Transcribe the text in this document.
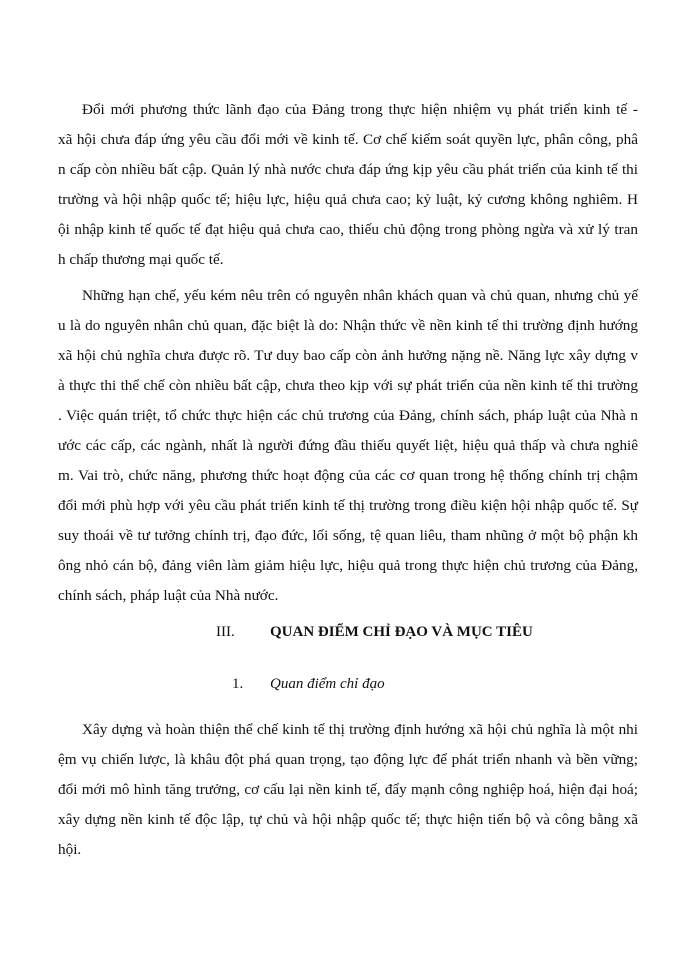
Đổi mới phương thức lãnh đạo của Đảng trong thực hiện nhiệm vụ phát triển kinh tế -
xã hội chưa đáp ứng yêu cầu đổi mới về kinh tế. Cơ chế kiểm soát quyền lực, phân công, phâ
n cấp còn nhiều bất cập. Quản lý nhà nước chưa đáp ứng kịp yêu cầu phát triển của kinh tế thi
trường và hội nhập quốc tế; hiệu lực, hiệu quả chưa cao; kỷ luật, kỷ cương không nghiêm. H
ội nhập kinh tế quốc tế đạt hiệu quả chưa cao, thiếu chủ động trong phòng ngừa và xử lý tran
h chấp thương mại quốc tế.
Những hạn chế, yếu kém nêu trên có nguyên nhân khách quan và chủ quan, nhưng chủ yế
u là do nguyên nhân chủ quan, đặc biệt là do: Nhận thức về nền kinh tế thi trường định hướng
xã hội chủ nghĩa chưa được rõ. Tư duy bao cấp còn ảnh hưởng nặng nề. Năng lực xây dựng v
à thực thi thể chế còn nhiều bất cập, chưa theo kịp với sự phát triển của nền kinh tế thi trường
. Việc quán triệt, tổ chức thực hiện các chủ trương của Đảng, chính sách, pháp luật của Nhà n
ước các cấp, các ngành, nhất là người đứng đầu thiếu quyết liệt, hiệu quả thấp và chưa nghiê
m. Vai trò, chức năng, phương thức hoạt động của các cơ quan trong hệ thống chính trị chậm
đổi mới phù hợp với yêu cầu phát triển kinh tế thị trường trong điều kiện hội nhập quốc tế. Sự
suy thoái về tư tưởng chính trị, đạo đức, lối sống, tệ quan liêu, tham nhũng ở một bộ phận kh
ông nhỏ cán bộ, đảng viên làm giảm hiệu lực, hiệu quả trong thực hiện chủ trương của Đảng,
chính sách, pháp luật của Nhà nước.
III. QUAN ĐIỂM CHỈ ĐẠO VÀ MỤC TIÊU
1. Quan điểm chỉ đạo
Xây dựng và hoàn thiện thể chế kinh tế thị trường định hướng xã hội chủ nghĩa là một nhi
ệm vụ chiến lược, là khâu đột phá quan trọng, tạo động lực để phát triển nhanh và bền vững;
đổi mới mô hình tăng trưởng, cơ cấu lại nền kinh tế, đẩy mạnh công nghiệp hoá, hiện đại hoá;
xây dựng nền kinh tế độc lập, tự chủ và hội nhập quốc tế; thực hiện tiến bộ và công bằng xã
hội.
